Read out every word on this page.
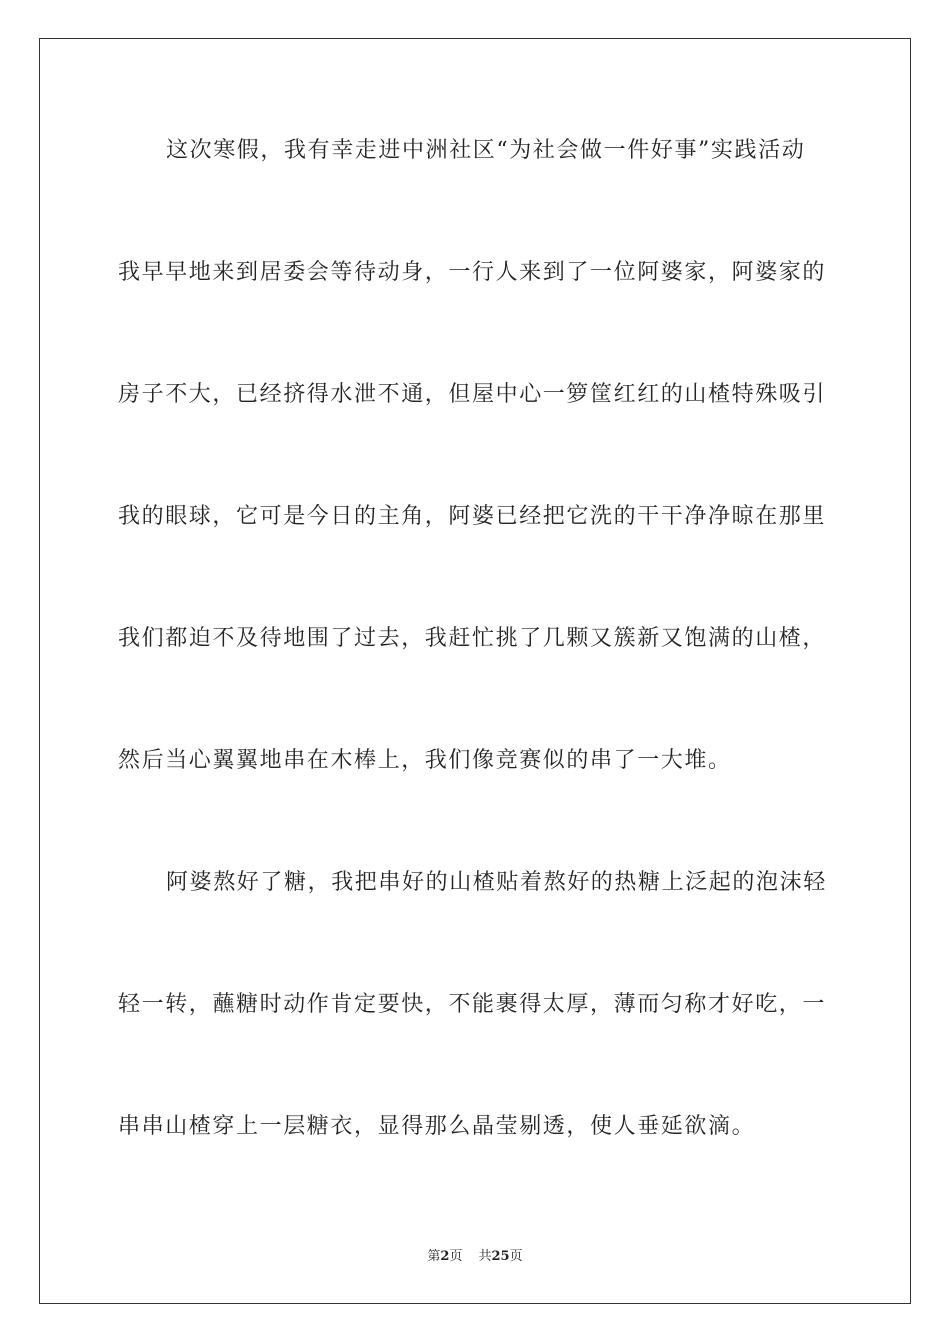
这次寒假，我有幸走进中洲社区“为社会做一件好事”实践活动
我早早地来到居委会等待动身，一行人来到了一位阿婆家，阿婆家的
房子不大，已经挤得水泄不通，但屋中心一箩筐红红的山楂特殊吸引
我的眼球，它可是今日的主角，阿婆已经把它洗的干干净净晾在那里
我们都迫不及待地围了过去，我赶忙挑了几颗又簇新又饱满的山楂，
然后当心翼翼地串在木棒上，我们像竞赛似的串了一大堆。
阿婆熬好了糖，我把串好的山楂贴着熬好的热糖上泛起的泡沫轻
轻一转，蘸糖时动作肯定要快，不能裹得太厚，薄而匀称才好吃，一
串串山楂穿上一层糖衣，显得那么晶莹剔透，使人垂延欲滴。
第2页 共25页
